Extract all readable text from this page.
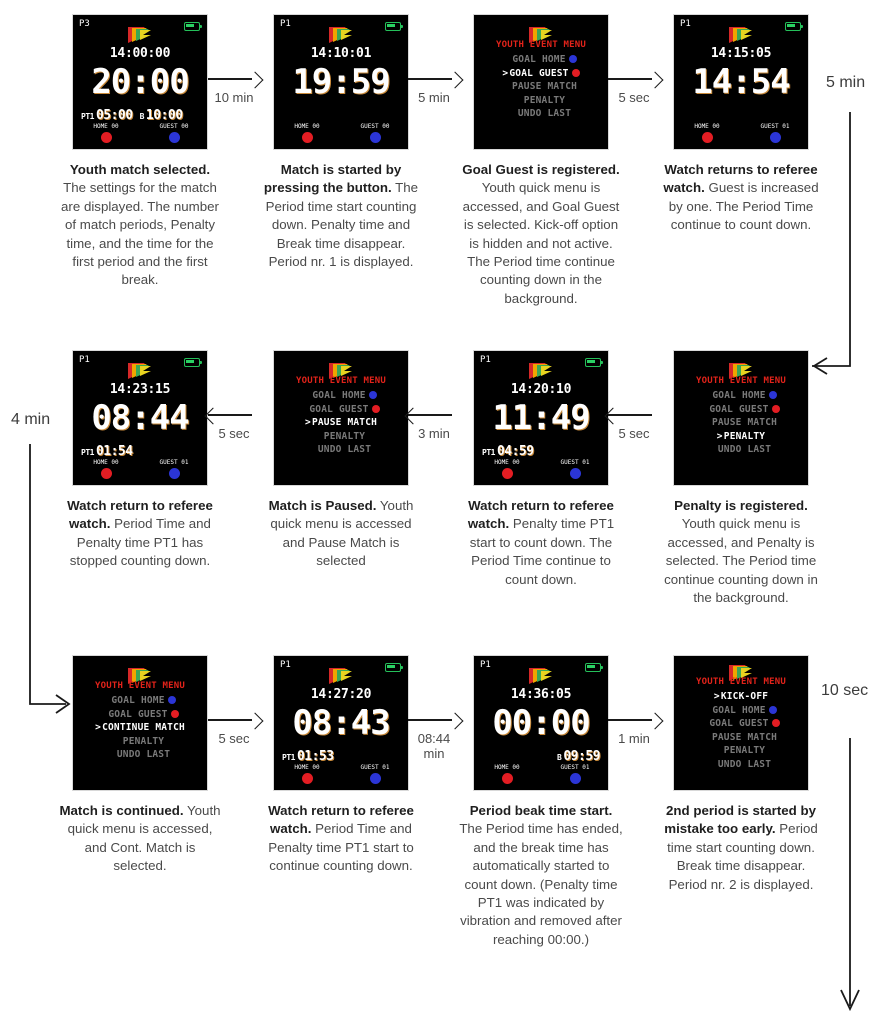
P3
14:00:00
20:00
PT1 05:00 B 10:00
HOME 00	GUEST 00
Youth match selected. The settings for the match are displayed. The number of match periods, Penalty time, and the time for the first period and the first break.
10 min
P1
14:10:01
19:59
HOME 00	GUEST 00
Match is started by pressing the button. The Period time start counting down. Penalty time and Break time disappear. Period nr. 1 is displayed.
5 min
YOUTH EVENT MENU
GOAL HOME
>GOAL GUEST
PAUSE MATCH
PENALTY
UNDO LAST
Goal Guest is registered. Youth quick menu is accessed, and Goal Guest is selected. Kick-off option is hidden and not active. The Period time continue counting down in the background.
5 sec
P1
14:15:05
14:54
HOME 00	GUEST 01
Watch returns to referee watch. Guest is increased by one. The Period Time continue to count down.
P1
14:23:15
08:44
PT1 01:54
HOME 00	GUEST 01
Watch return to referee watch. Period Time and Penalty time PT1 has stopped counting down.
5 sec
YOUTH EVENT MENU
GOAL HOME
GOAL GUEST
>PAUSE MATCH
PENALTY
UNDO LAST
Match is Paused. Youth quick menu is accessed and Pause Match is selected
3 min
P1
14:20:10
11:49
PT1 04:59
HOME 00	GUEST 01
Watch return to referee watch. Penalty time PT1 start to count down. The Period Time continue to count down.
5 sec
YOUTH EVENT MENU
GOAL HOME
GOAL GUEST
PAUSE MATCH
>PENALTY
UNDO LAST
Penalty is registered. Youth quick menu is accessed, and Penalty is selected. The Period time continue counting down in the background.
YOUTH EVENT MENU
GOAL HOME
GOAL GUEST
>CONTINUE MATCH
PENALTY
UNDO LAST
Match is continued. Youth quick menu is accessed, and Cont. Match is selected.
5 sec
P1
14:27:20
08:43
PT1 01:53
HOME 00	GUEST 01
Watch return to referee watch. Period Time and Penalty time PT1 start to continue counting down.
08:44 min
P1
14:36:05
00:00
B 09:59
HOME 00	GUEST 01
Period beak time start. The Period time has ended, and the break time has automatically started to count down. (Penalty time PT1 was indicated by vibration and removed after reaching 00:00.)
1 min
YOUTH EVENT MENU
>KICK-OFF
GOAL HOME
GOAL GUEST
PAUSE MATCH
PENALTY
UNDO LAST
2nd period is started by mistake too early. Period time start counting down. Break time disappear. Period nr. 2 is displayed.
5 min
4 min
10 sec
